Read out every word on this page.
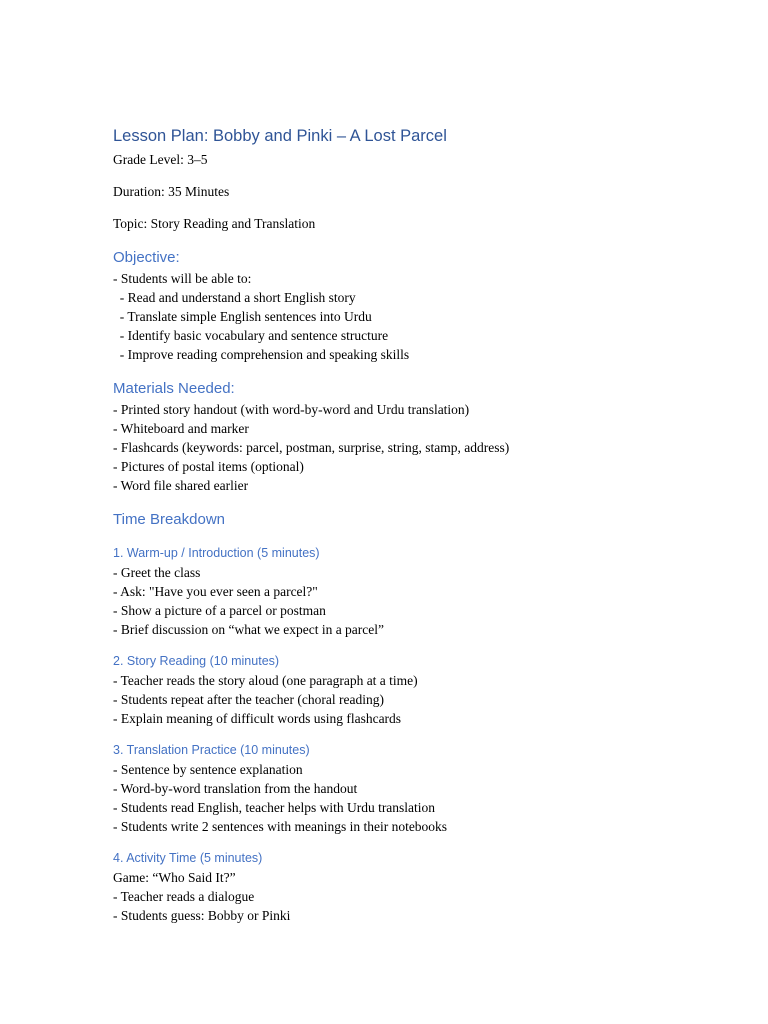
Lesson Plan: Bobby and Pinki – A Lost Parcel
Grade Level: 3–5
Duration: 35 Minutes
Topic: Story Reading and Translation
Objective:
- Students will be able to:
- Read and understand a short English story
- Translate simple English sentences into Urdu
- Identify basic vocabulary and sentence structure
- Improve reading comprehension and speaking skills
Materials Needed:
- Printed story handout (with word-by-word and Urdu translation)
- Whiteboard and marker
- Flashcards (keywords: parcel, postman, surprise, string, stamp, address)
- Pictures of postal items (optional)
- Word file shared earlier
Time Breakdown
1. Warm-up / Introduction (5 minutes)
- Greet the class
- Ask: "Have you ever seen a parcel?"
- Show a picture of a parcel or postman
- Brief discussion on “what we expect in a parcel”
2. Story Reading (10 minutes)
- Teacher reads the story aloud (one paragraph at a time)
- Students repeat after the teacher (choral reading)
- Explain meaning of difficult words using flashcards
3. Translation Practice (10 minutes)
- Sentence by sentence explanation
- Word-by-word translation from the handout
- Students read English, teacher helps with Urdu translation
- Students write 2 sentences with meanings in their notebooks
4. Activity Time (5 minutes)
Game: “Who Said It?”
- Teacher reads a dialogue
- Students guess: Bobby or Pinki
